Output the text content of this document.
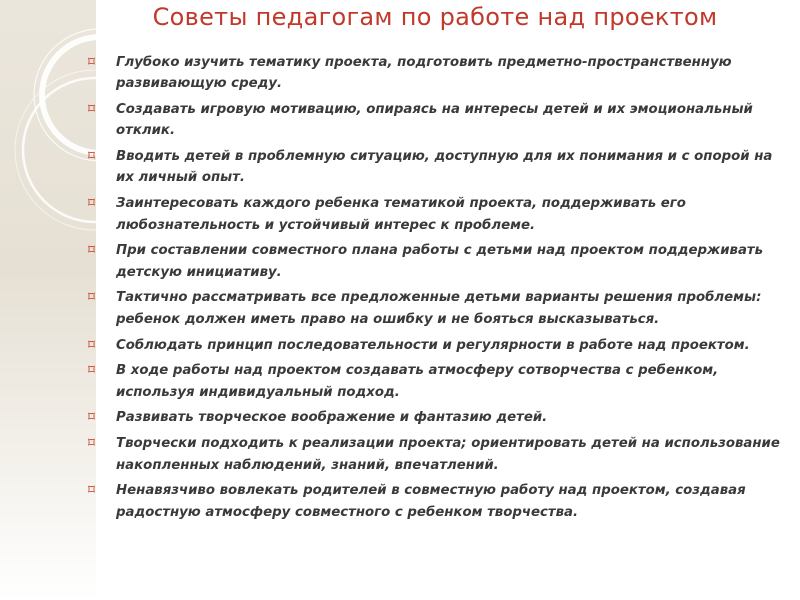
Советы педагогам по работе над проектом
⌑	Глубоко изучить тематику проекта, подготовить предметно-пространственную развивающую среду.
⌑	Создавать игровую мотивацию, опираясь на интересы детей и их эмоциональный отклик.
⌑	Вводить детей в проблемную ситуацию, доступную для их понимания и с опорой на их личный опыт.
⌑	Заинтересовать каждого ребенка тематикой проекта, поддерживать его любознательность и устойчивый интерес к проблеме.
⌑	При составлении совместного плана работы с детьми над проектом поддерживать детскую инициативу.
⌑	Тактично рассматривать все предложенные детьми варианты решения проблемы: ребенок должен иметь право на ошибку и не бояться высказываться.
⌑	Соблюдать принцип последовательности и регулярности в работе над проектом.
⌑	В ходе работы над проектом создавать атмосферу сотворчества с ребенком, используя индивидуальный подход.
⌑	Развивать творческое воображение и фантазию детей.
⌑	Творчески подходить к реализации проекта; ориентировать детей на использование накопленных наблюдений, знаний, впечатлений.
⌑	Ненавязчиво вовлекать родителей в совместную работу над проектом, создавая радостную атмосферу совместного с ребенком творчества.
